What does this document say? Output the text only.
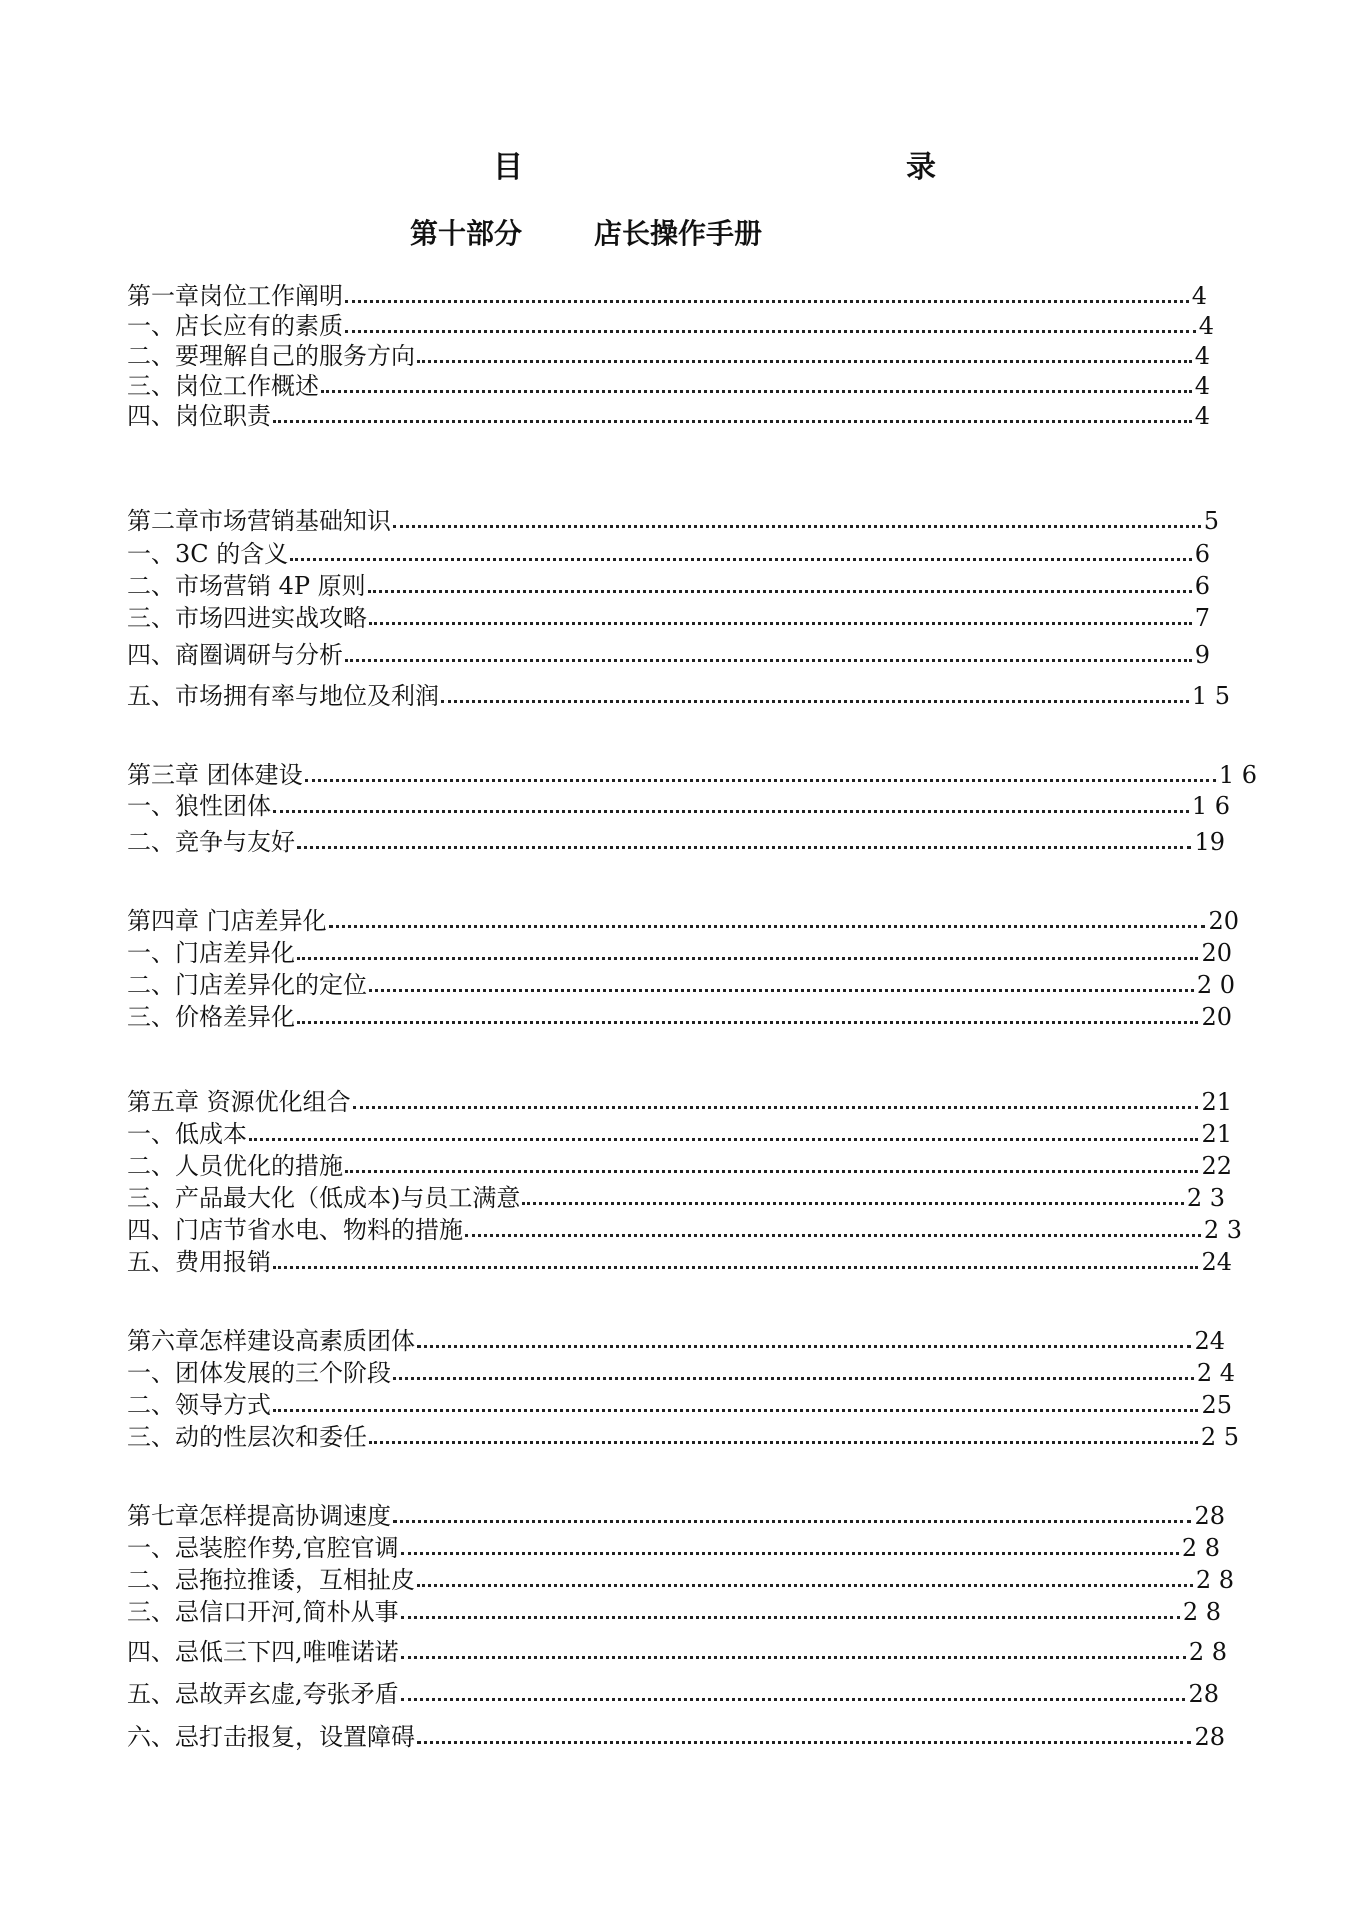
目	录
第十部分	店长操作手册
第一章岗位工作阐明	4
一、店长应有的素质	4
二、要理解自己的服务方向	4
三、岗位工作概述	4
四、岗位职责	4
第二章市场营销基础知识	5
一、3C 的含义	6
二、市场营销 4P 原则	6
三、市场四进实战攻略	7
四、商圈调研与分析	9
五、市场拥有率与地位及利润	1 5
第三章 团体建设	1 6
一、狼性团体	1 6
二、竞争与友好	19
第四章 门店差异化	20
一、门店差异化	20
二、门店差异化的定位	2 0
三、价格差异化	20
第五章 资源优化组合	21
一、低成本	21
二、人员优化的措施	22
三、产品最大化（低成本)与员工满意	2 3
四、门店节省水电、物料的措施	2 3
五、费用报销	24
第六章怎样建设高素质团体	24
一、团体发展的三个阶段	2 4
二、领导方式	25
三、动的性层次和委任	2 5
第七章怎样提高协调速度	28
一、忌装腔作势,官腔官调	2 8
二、忌拖拉推诿，互相扯皮	2 8
三、忌信口开河,简朴从事	2 8
四、忌低三下四,唯唯诺诺	2 8
五、忌故弄玄虚,夸张矛盾	28
六、忌打击报复，设置障碍	28
